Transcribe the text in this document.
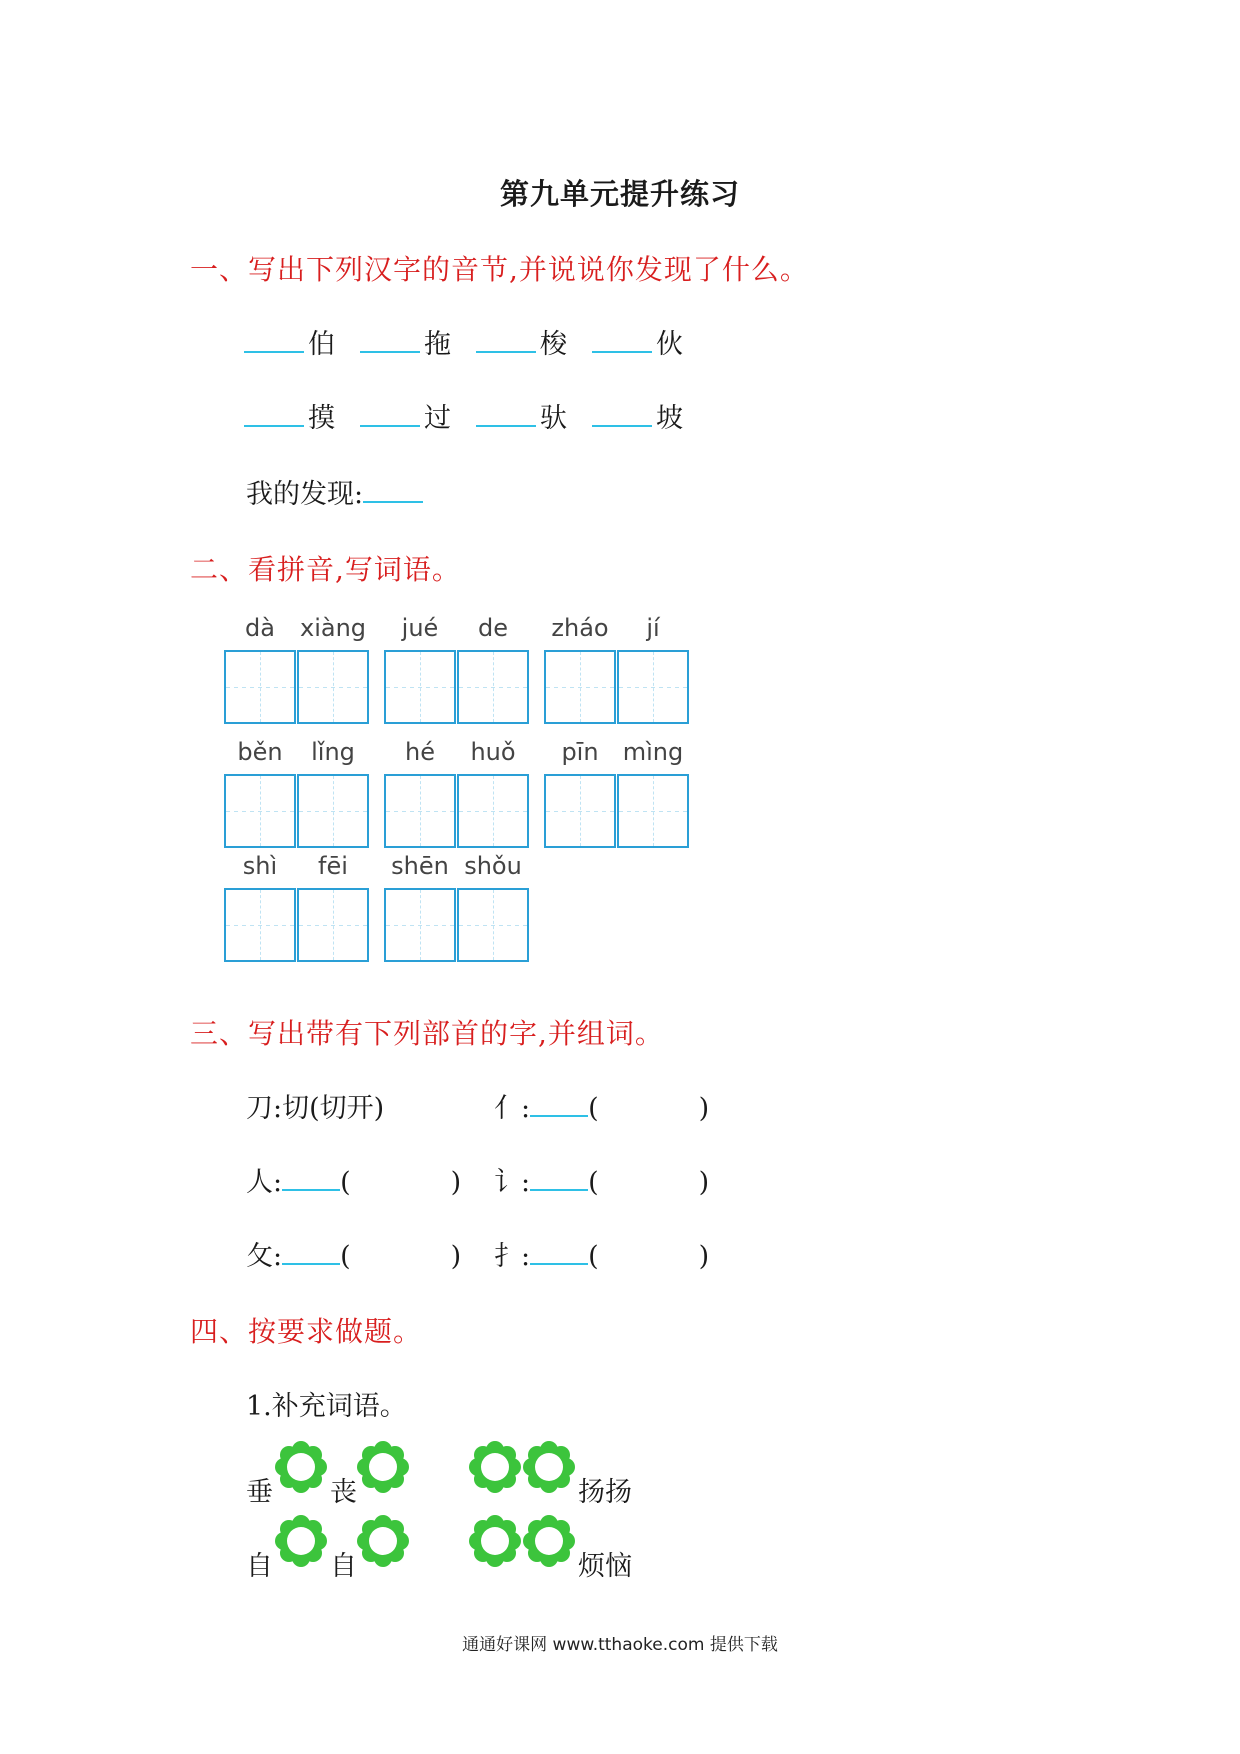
第九单元提升练习
一、写出下列汉字的音节,并说说你发现了什么。
伯	拖	梭	伙
摸	过	驮	坡
我的发现:
二、看拼音,写词语。
dà	xiàng	jué	de	zháo	jí
běn	lǐng	hé	huǒ	pīn	mìng
shì	fēi	shēn shǒu
三、写出带有下列部首的字,并组词。
刀:切(切开)	亻: (	)
人: (	) 讠: (	)
攵: (	) 扌: (	)
四、按要求做题。
1.补充词语。
垂 丧	扬扬
自 自	烦恼
通通好课网 www.tthaoke.com 提供下载
